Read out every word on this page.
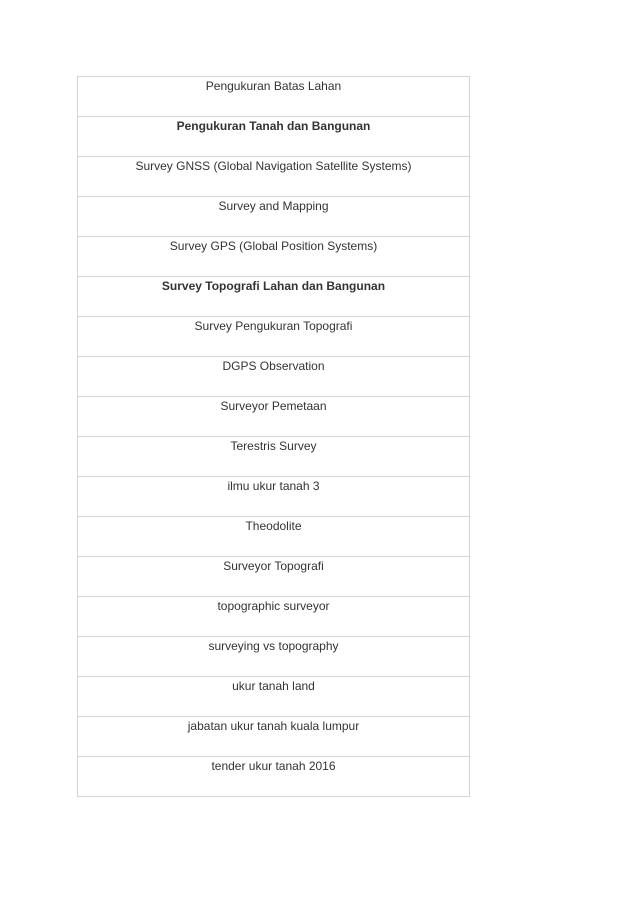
Pengukuran Batas Lahan

Pengukuran Tanah dan Bangunan

Survey GNSS (Global Navigation Satellite Systems)

Survey and Mapping

Survey GPS (Global Position Systems)

Survey Topografi Lahan dan Bangunan

Survey Pengukuran Topografi

DGPS Observation

Surveyor Pemetaan

Terestris Survey

ilmu ukur tanah 3

Theodolite

Surveyor Topografi

topographic surveyor

surveying vs topography

ukur tanah land

jabatan ukur tanah kuala lumpur

tender ukur tanah 2016
